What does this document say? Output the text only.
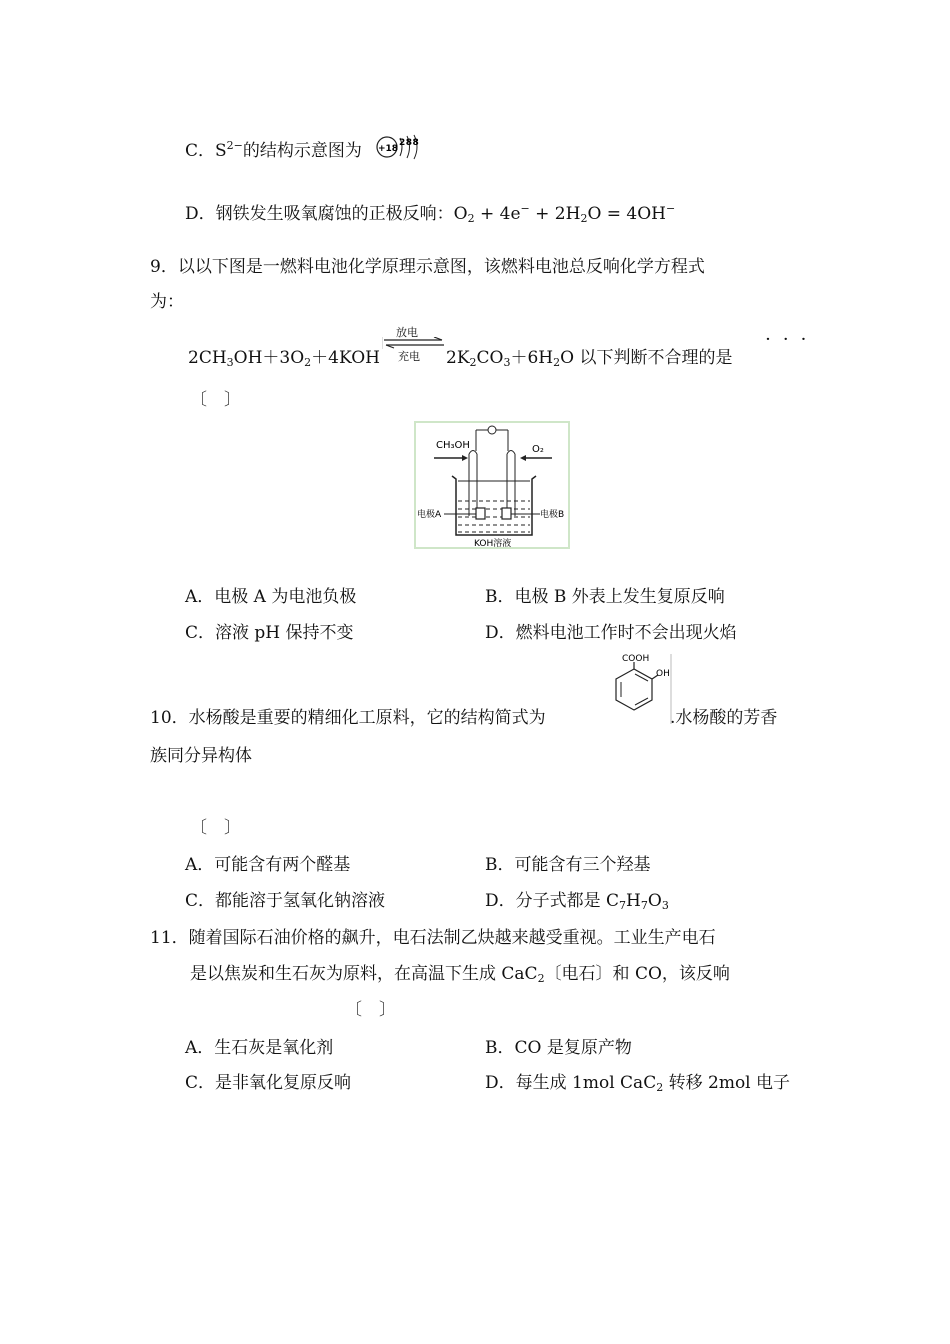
C．$S^{2-}$的结构示意图为 +18
288
D．钢铁发生吸氧腐蚀的正极反响：$O_2 + 4e^- + 2H_2O = 4OH^-$
9．以以下图是一燃料电池化学原理示意图，该燃料电池总反响化学方程式
为：
$2CH_3OH+3O_2+4KOH$
放电
充电 $2K_2CO_3+6H_2O$ 以下判断不合理的是
···
〔　〕
CH₃OH	O₂
电极A	电极B
KOH溶液
A．电极 A 为电池负极	B．电极 B 外表上发生复原反响
C．溶液 pH 保持不变	D．燃料电池工作时不会出现火焰
10．水杨酸是重要的精细化工原料，它的结构简式为
COOH
OH
.水杨酸的芳香
族同分异构体
〔　〕
A．可能含有两个醛基	B．可能含有三个羟基
C．都能溶于氢氧化钠溶液	D．分子式都是 $C_7H_7O_3$
11．随着国际石油价格的飙升，电石法制乙炔越来越受重视。工业生产电石
是以焦炭和生石灰为原料，在高温下生成 CaC$_2$〔电石〕和 CO，该反响
〔　〕
A．生石灰是氧化剂	B．CO 是复原产物
C．是非氧化复原反响	D．每生成 1mol CaC$_2$ 转移 2mol 电子
